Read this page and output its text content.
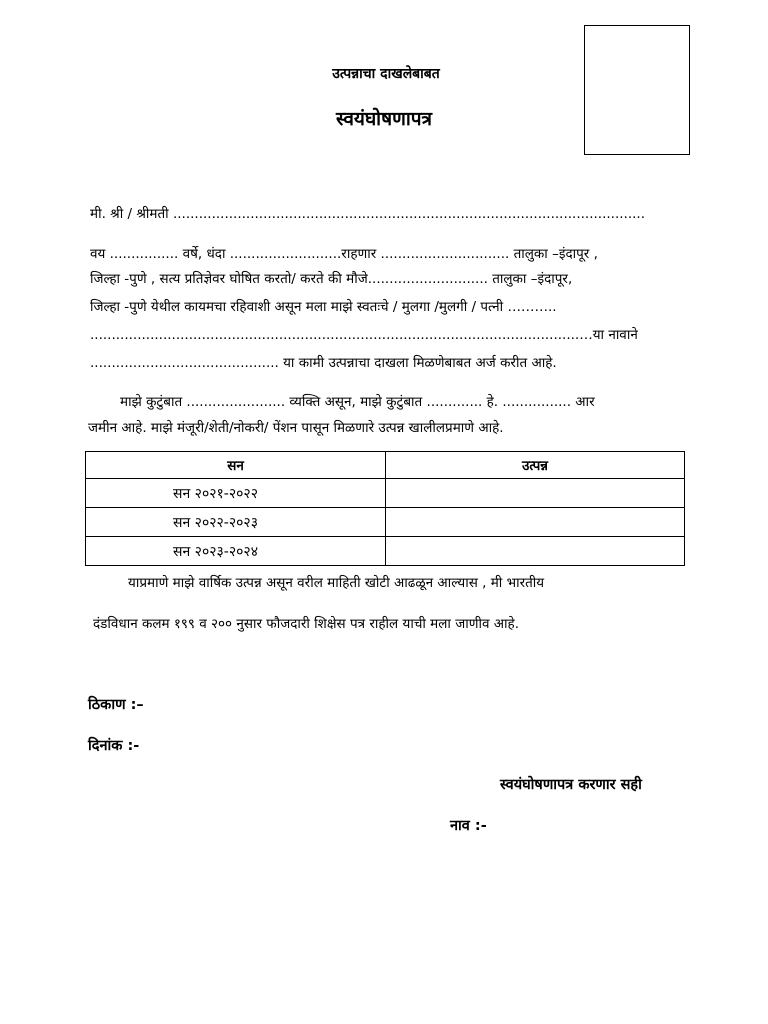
उत्पन्नाचा दाखलेबाबत
स्वयंघोषणापत्र
मी. श्री / श्रीमती ..............................................................................................................
वय ................ वर्षे, धंदा ..........................राहणार .............................. तालुका –इंदापूर ,
जिल्हा -पुणे , सत्य प्रतिज्ञेवर घोषित करतो/ करते की मौजे............................ तालुका –इंदापूर,
जिल्हा -पुणे येथील कायमचा रहिवाशी असून मला माझे स्वतःचे / मुलगा /मुलगी / पत्नी ………..
..................................................................................................................…या नावाने
............................................ या कामी उत्पन्नाचा दाखला मिळणेबाबत अर्ज करीत आहे.
माझे कुटुंबात ....................... व्यक्ति असून, माझे कुटुंबात ............. हे. ................ आर
जमीन आहे. माझे मंजूरी/शेती/नोकरी/ पेंशन पासून मिळणारे उत्पन्न खालीलप्रमाणे आहे.
सन	उत्पन्न
सन २०२१-२०२२	
सन २०२२-२०२३	
सन २०२३-२०२४	
याप्रमाणे माझे वार्षिक उत्पन्न असून वरील माहिती खोटी आढळून आल्यास , मी भारतीय
दंडविधान कलम १९९ व २०० नुसार फौजदारी शिक्षेस पत्र राहील याची मला जाणीव आहे.
ठिकाण :–
दिनांक :-
स्वयंघोषणापत्र करणार सही
नाव :-
